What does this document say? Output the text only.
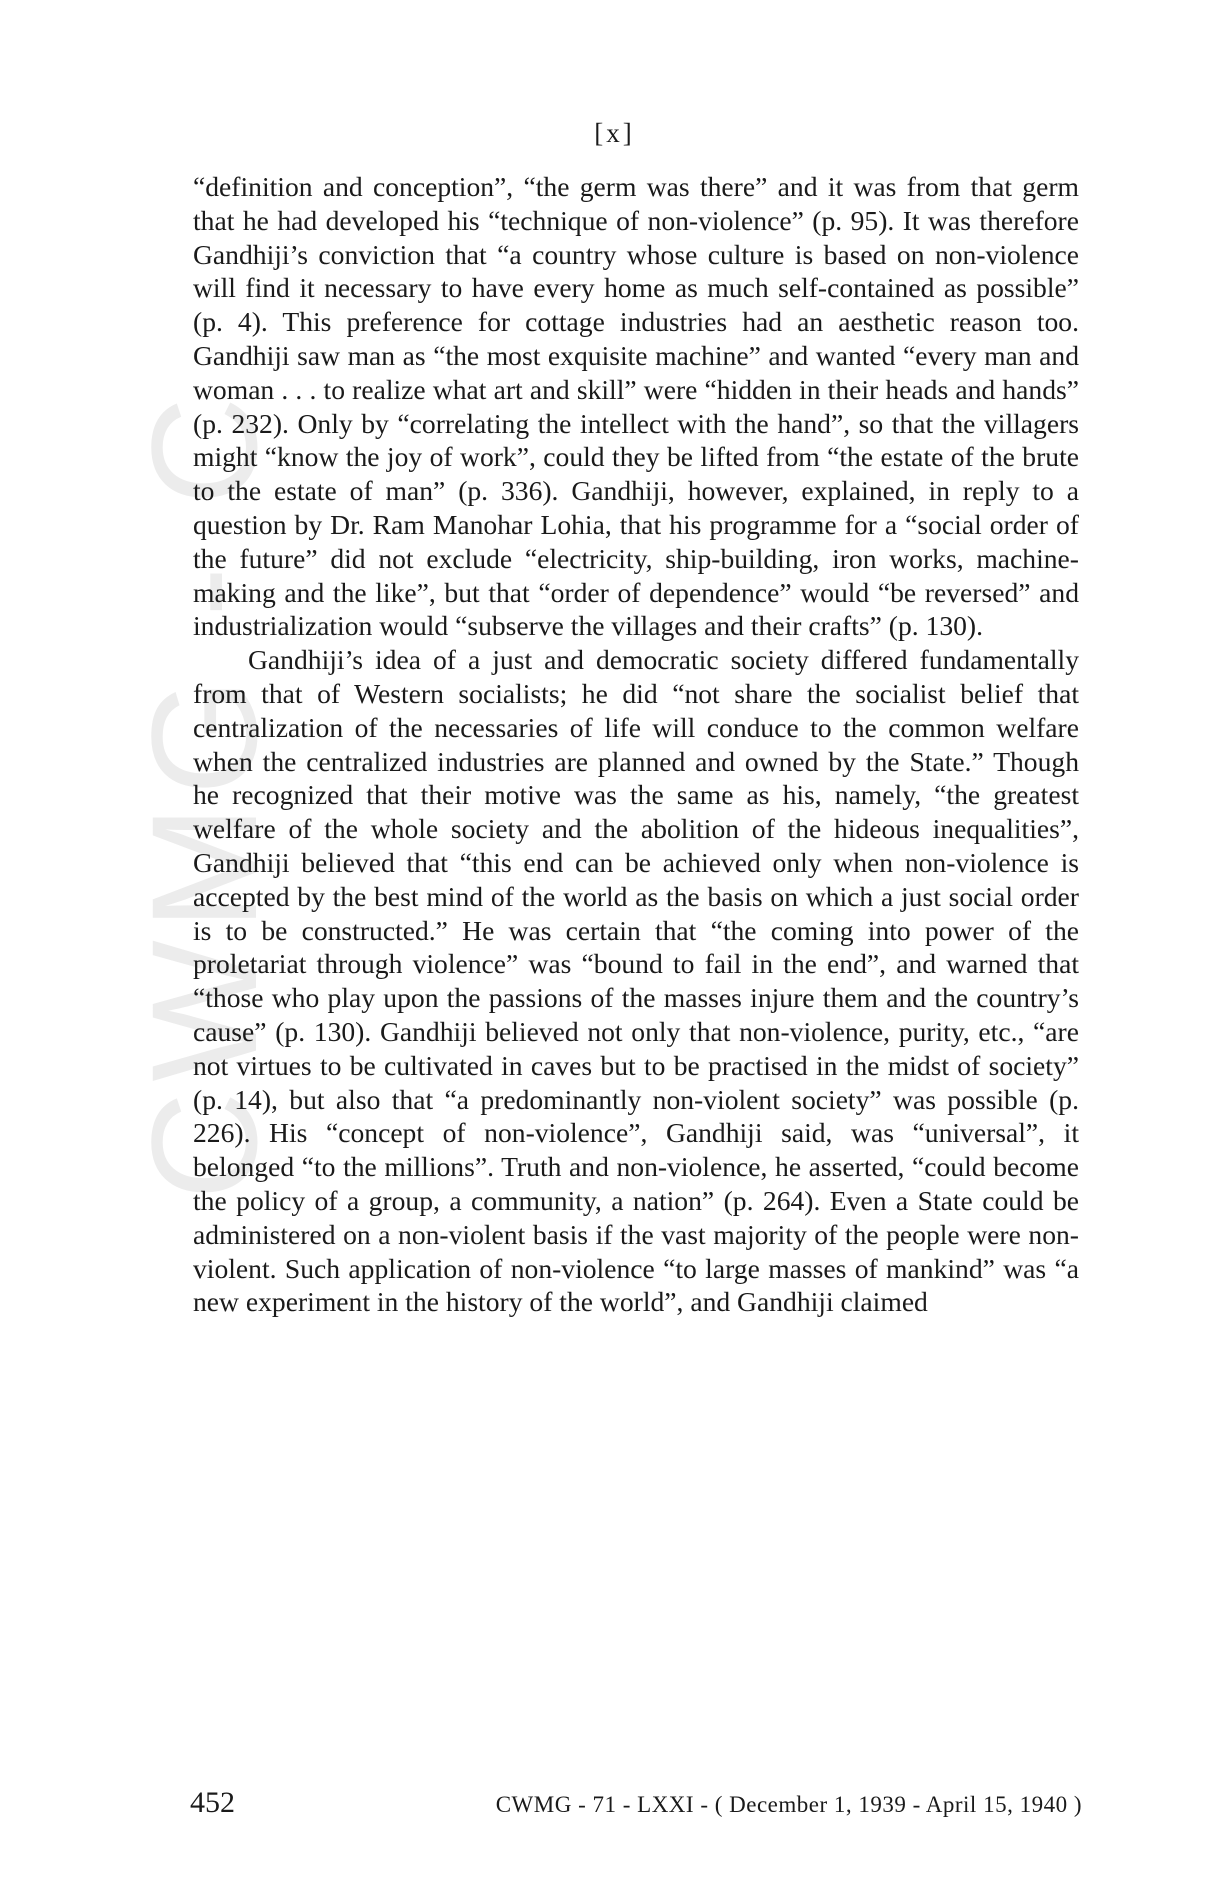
CWMG - C
[x]

“definition and conception”, “the germ was there” and it was from that germ that he had developed his “technique of non-violence” (p. 95). It was therefore Gandhiji’s conviction that “a country whose culture is based on non-violence will find it necessary to have every home as much self-contained as possible” (p. 4). This preference for cottage industries had an aesthetic reason too. Gandhiji saw man as “the most exquisite machine” and wanted “every man and woman . . . to realize what art and skill” were “hidden in their heads and hands” (p. 232). Only by “correlating the intellect with the hand”, so that the villagers might “know the joy of work”, could they be lifted from “the estate of the brute to the estate of man” (p. 336). Gandhiji, however, explained, in reply to a question by Dr. Ram Manohar Lohia, that his programme for a “social order of the future” did not exclude “electricity, ship-building, iron works, machine-making and the like”, but that “order of dependence” would “be reversed” and industrialization would “subserve the villages and their crafts” (p. 130).

Gandhiji’s idea of a just and democratic society differed fundamentally from that of Western socialists; he did “not share the socialist belief that centralization of the necessaries of life will conduce to the common welfare when the centralized industries are planned and owned by the State.” Though he recognized that their motive was the same as his, namely, “the greatest welfare of the whole society and the abolition of the hideous inequalities”, Gandhiji believed that “this end can be achieved only when non-violence is accepted by the best mind of the world as the basis on which a just social order is to be constructed.” He was certain that “the coming into power of the proletariat through violence” was “bound to fail in the end”, and warned that “those who play upon the passions of the masses injure them and the country’s cause” (p. 130). Gandhiji believed not only that non-violence, purity, etc., “are not virtues to be cultivated in caves but to be practised in the midst of society” (p. 14), but also that “a predominantly non-violent society” was possible (p. 226). His “concept of non-violence”, Gandhiji said, was “universal”, it belonged “to the millions”. Truth and non-violence, he asserted, “could become the policy of a group, a community, a nation” (p. 264). Even a State could be administered on a non-violent basis if the vast majority of the people were non-violent. Such application of non-violence “to large masses of mankind” was “a new experiment in the history of the world”, and Gandhiji claimed

452	CWMG - 71 - LXXI - ( December 1, 1939 - April 15, 1940 )
